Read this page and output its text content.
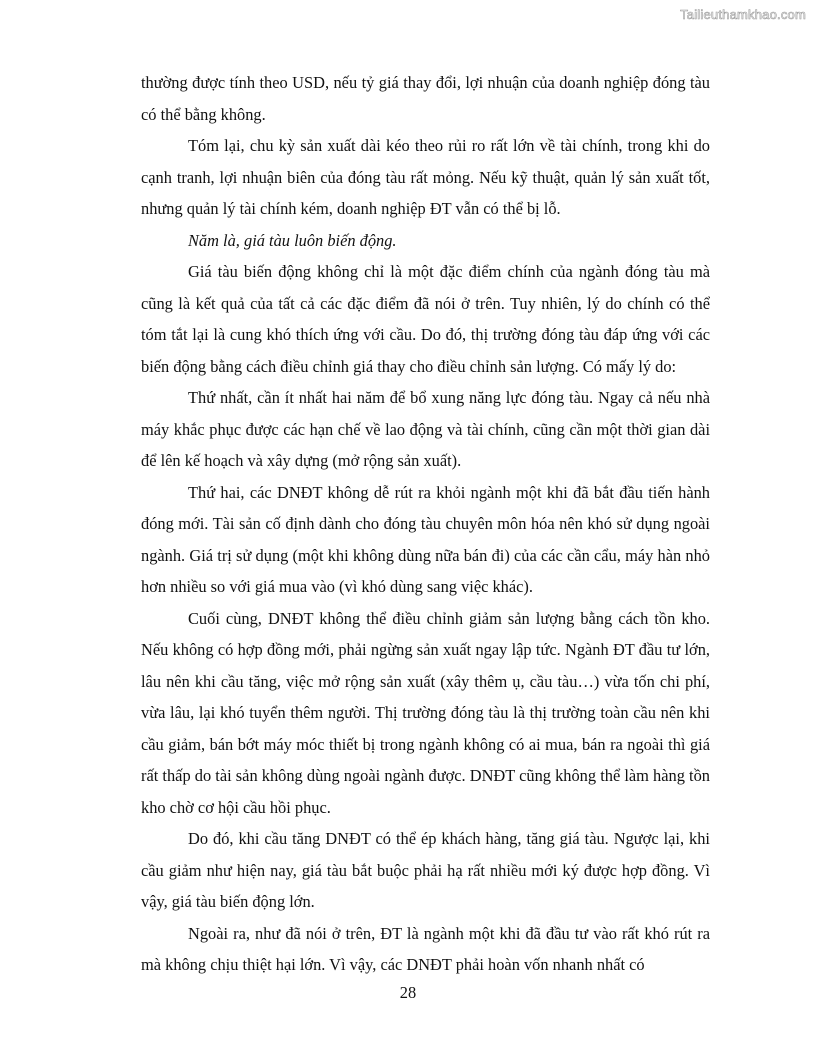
Tailieuthamkhao.com

thường được tính theo USD, nếu tỷ giá thay đổi, lợi nhuận của doanh nghiệp đóng tàu có thể bằng không.

Tóm lại, chu kỳ sản xuất dài kéo theo rủi ro rất lớn về tài chính, trong khi do cạnh tranh, lợi nhuận biên của đóng tàu rất mỏng. Nếu kỹ thuật, quản lý sản xuất tốt, nhưng quản lý tài chính kém, doanh nghiệp ĐT vẫn có thể bị lỗ.

Năm là, giá tàu luôn biến động.

Giá tàu biến động không chỉ là một đặc điểm chính của ngành đóng tàu mà cũng là kết quả của tất cả các đặc điểm đã nói ở trên. Tuy nhiên, lý do chính có thể tóm tắt lại là cung khó thích ứng với cầu. Do đó, thị trường đóng tàu đáp ứng với các biến động bằng cách điều chỉnh giá thay cho điều chỉnh sản lượng. Có mấy lý do:

Thứ nhất, cần ít nhất hai năm để bổ xung năng lực đóng tàu. Ngay cả nếu nhà máy khắc phục được các hạn chế về lao động và tài chính, cũng cần một thời gian dài để lên kế hoạch và xây dựng (mở rộng sản xuất).

Thứ hai, các DNĐT không dễ rút ra khỏi ngành một khi đã bắt đầu tiến hành đóng mới. Tài sản cố định dành cho đóng tàu chuyên môn hóa nên khó sử dụng ngoài ngành. Giá trị sử dụng (một khi không dùng nữa bán đi) của các cần cẩu, máy hàn nhỏ hơn nhiều so với giá mua vào (vì khó dùng sang việc khác).

Cuối cùng, DNĐT không thể điều chỉnh giảm sản lượng bằng cách tồn kho. Nếu không có hợp đồng mới, phải ngừng sản xuất ngay lập tức. Ngành ĐT đầu tư lớn, lâu nên khi cầu tăng, việc mở rộng sản xuất (xây thêm ụ, cầu tàu…) vừa tốn chi phí, vừa lâu, lại khó tuyển thêm người. Thị trường đóng tàu là thị trường toàn cầu nên khi cầu giảm, bán bớt máy móc thiết bị trong ngành không có ai mua, bán ra ngoài thì giá rất thấp do tài sản không dùng ngoài ngành được. DNĐT cũng không thể làm hàng tồn kho chờ cơ hội cầu hồi phục.

Do đó, khi cầu tăng DNĐT có thể ép khách hàng, tăng giá tàu. Ngược lại, khi cầu giảm như hiện nay, giá tàu bắt buộc phải hạ rất nhiều mới ký được hợp đồng. Vì vậy, giá tàu biến động lớn.

Ngoài ra, như đã nói ở trên, ĐT là ngành một khi đã đầu tư vào rất khó rút ra mà không chịu thiệt hại lớn. Vì vậy, các DNĐT phải hoàn vốn nhanh nhất có

28
